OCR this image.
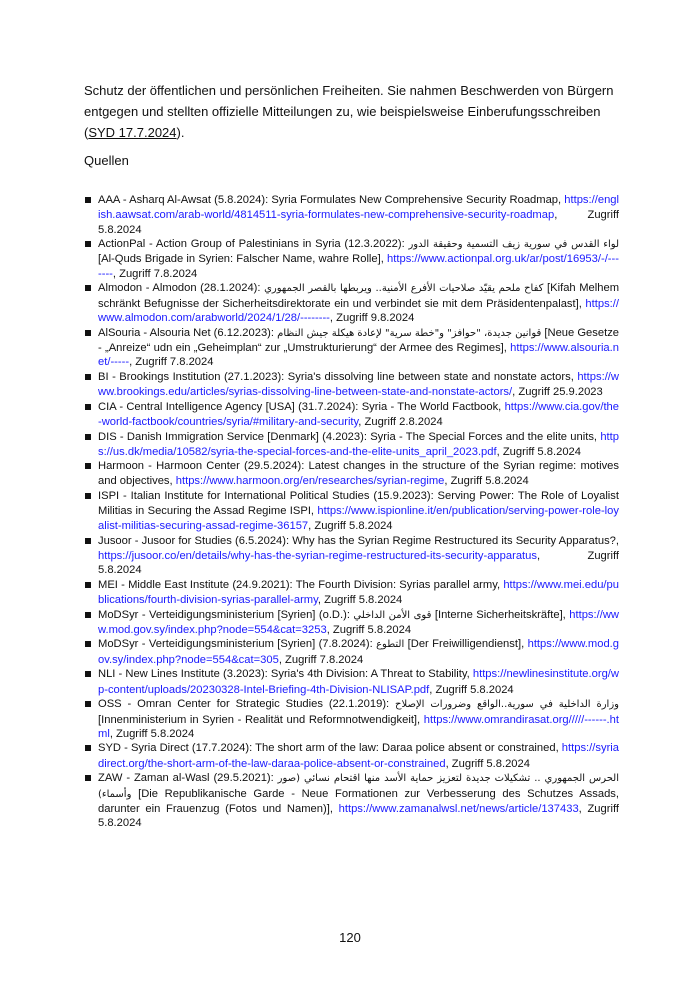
Schutz der öffentlichen und persönlichen Freiheiten. Sie nahmen Beschwerden von Bürgern entgegen und stellten offizielle Mitteilungen zu, wie beispielsweise Einberufungsschreiben (SYD 17.7.2024).
Quellen
AAA - Asharq Al-Awsat (5.8.2024): Syria Formulates New Comprehensive Security Roadmap, https://english.aawsat.com/arab-world/4814511-syria-formulates-new-comprehensive-security-roadmap, Zugriff 5.8.2024
ActionPal - Action Group of Palestinians in Syria (12.3.2022): لواء القدس في سورية زيف التسمية وحقيقة الدور [Al-Quds Brigade in Syrien: Falscher Name, wahre Rolle], https://www.actionpal.org.uk/ar/post/16953/-/-------, Zugriff 7.8.2024
Almodon - Almodon (28.1.2024): كفاح ملحم يقيّد صلاحيات الأفرع الأمنية.. ويربطها بالقصر الجمهوري [Kifah Melhem schränkt Befugnisse der Sicherheitsdirektorate ein und verbindet sie mit dem Präsidentenpalast], https://www.almodon.com/arabworld/2024/1/28/--------, Zugriff 9.8.2024
AlSouria - Alsouria Net (6.12.2023): قوانين جديدة، "حوافز" و"خطة سرية" لإعادة هيكلة جيش النظام [Neue Gesetze - „Anreize“ udn ein „Geheimplan“ zur „Umstrukturierung“ der Armee des Regimes], https://www.alsouria.net/-----, Zugriff 7.8.2024
BI - Brookings Institution (27.1.2023): Syria's dissolving line between state and nonstate actors, https://www.brookings.edu/articles/syrias-dissolving-line-between-state-and-nonstate-actors/, Zugriff 25.9.2023
CIA - Central Intelligence Agency [USA] (31.7.2024): Syria - The World Factbook, https://www.cia.gov/the-world-factbook/countries/syria/#military-and-security, Zugriff 2.8.2024
DIS - Danish Immigration Service [Denmark] (4.2023): Syria - The Special Forces and the elite units, https://us.dk/media/10582/syria-the-special-forces-and-the-elite-units_april_2023.pdf, Zugriff 5.8.2024
Harmoon - Harmoon Center (29.5.2024): Latest changes in the structure of the Syrian regime: motives and objectives, https://www.harmoon.org/en/researches/syrian-regime, Zugriff 5.8.2024
ISPI - Italian Institute for International Political Studies (15.9.2023): Serving Power: The Role of Loyalist Militias in Securing the Assad Regime ISPI, https://www.ispionline.it/en/publication/serving-power-role-loyalist-militias-securing-assad-regime-36157, Zugriff 5.8.2024
Jusoor - Jusoor for Studies (6.5.2024): Why has the Syrian Regime Restructured its Security Apparatus?, https://jusoor.co/en/details/why-has-the-syrian-regime-restructured-its-security-apparatus, Zugriff 5.8.2024
MEI - Middle East Institute (24.9.2021): The Fourth Division: Syrias parallel army, https://www.mei.edu/publications/fourth-division-syrias-parallel-army, Zugriff 5.8.2024
MoDSyr - Verteidigungsministerium [Syrien] (o.D.): قوى الأمن الداخلي [Interne Sicherheitskräfte], https://www.mod.gov.sy/index.php?node=554&cat=3253, Zugriff 5.8.2024
MoDSyr - Verteidigungsministerium [Syrien] (7.8.2024): التطوع [Der Freiwilligendienst], https://www.mod.gov.sy/index.php?node=554&cat=305, Zugriff 7.8.2024
NLI - New Lines Institute (3.2023): Syria's 4th Division: A Threat to Stability, https://newlinesinstitute.org/wp-content/uploads/20230328-Intel-Briefing-4th-Division-NLISAP.pdf, Zugriff 5.8.2024
OSS - Omran Center for Strategic Studies (22.1.2019): وزارة الداخلية في سورية..الواقع وضرورات الإصلاح [Innenministerium in Syrien - Realität und Reformnotwendigkeit], https://www.omrandirasat.org/////------.html, Zugriff 5.8.2024
SYD - Syria Direct (17.7.2024): The short arm of the law: Daraa police absent or constrained, https://syriadirect.org/the-short-arm-of-the-law-daraa-police-absent-or-constrained, Zugriff 5.8.2024
ZAW - Zaman al-Wasl (29.5.2021): الحرس الجمهوري .. تشكيلات جديدة لتعزيز حماية الأسد منها اقتحام نسائي (صور وأسماء) [Die Republikanische Garde - Neue Formationen zur Verbesserung des Schutzes Assads, darunter ein Frauenzug (Fotos und Namen)], https://www.zamanalwsl.net/news/article/137433, Zugriff 5.8.2024
120
